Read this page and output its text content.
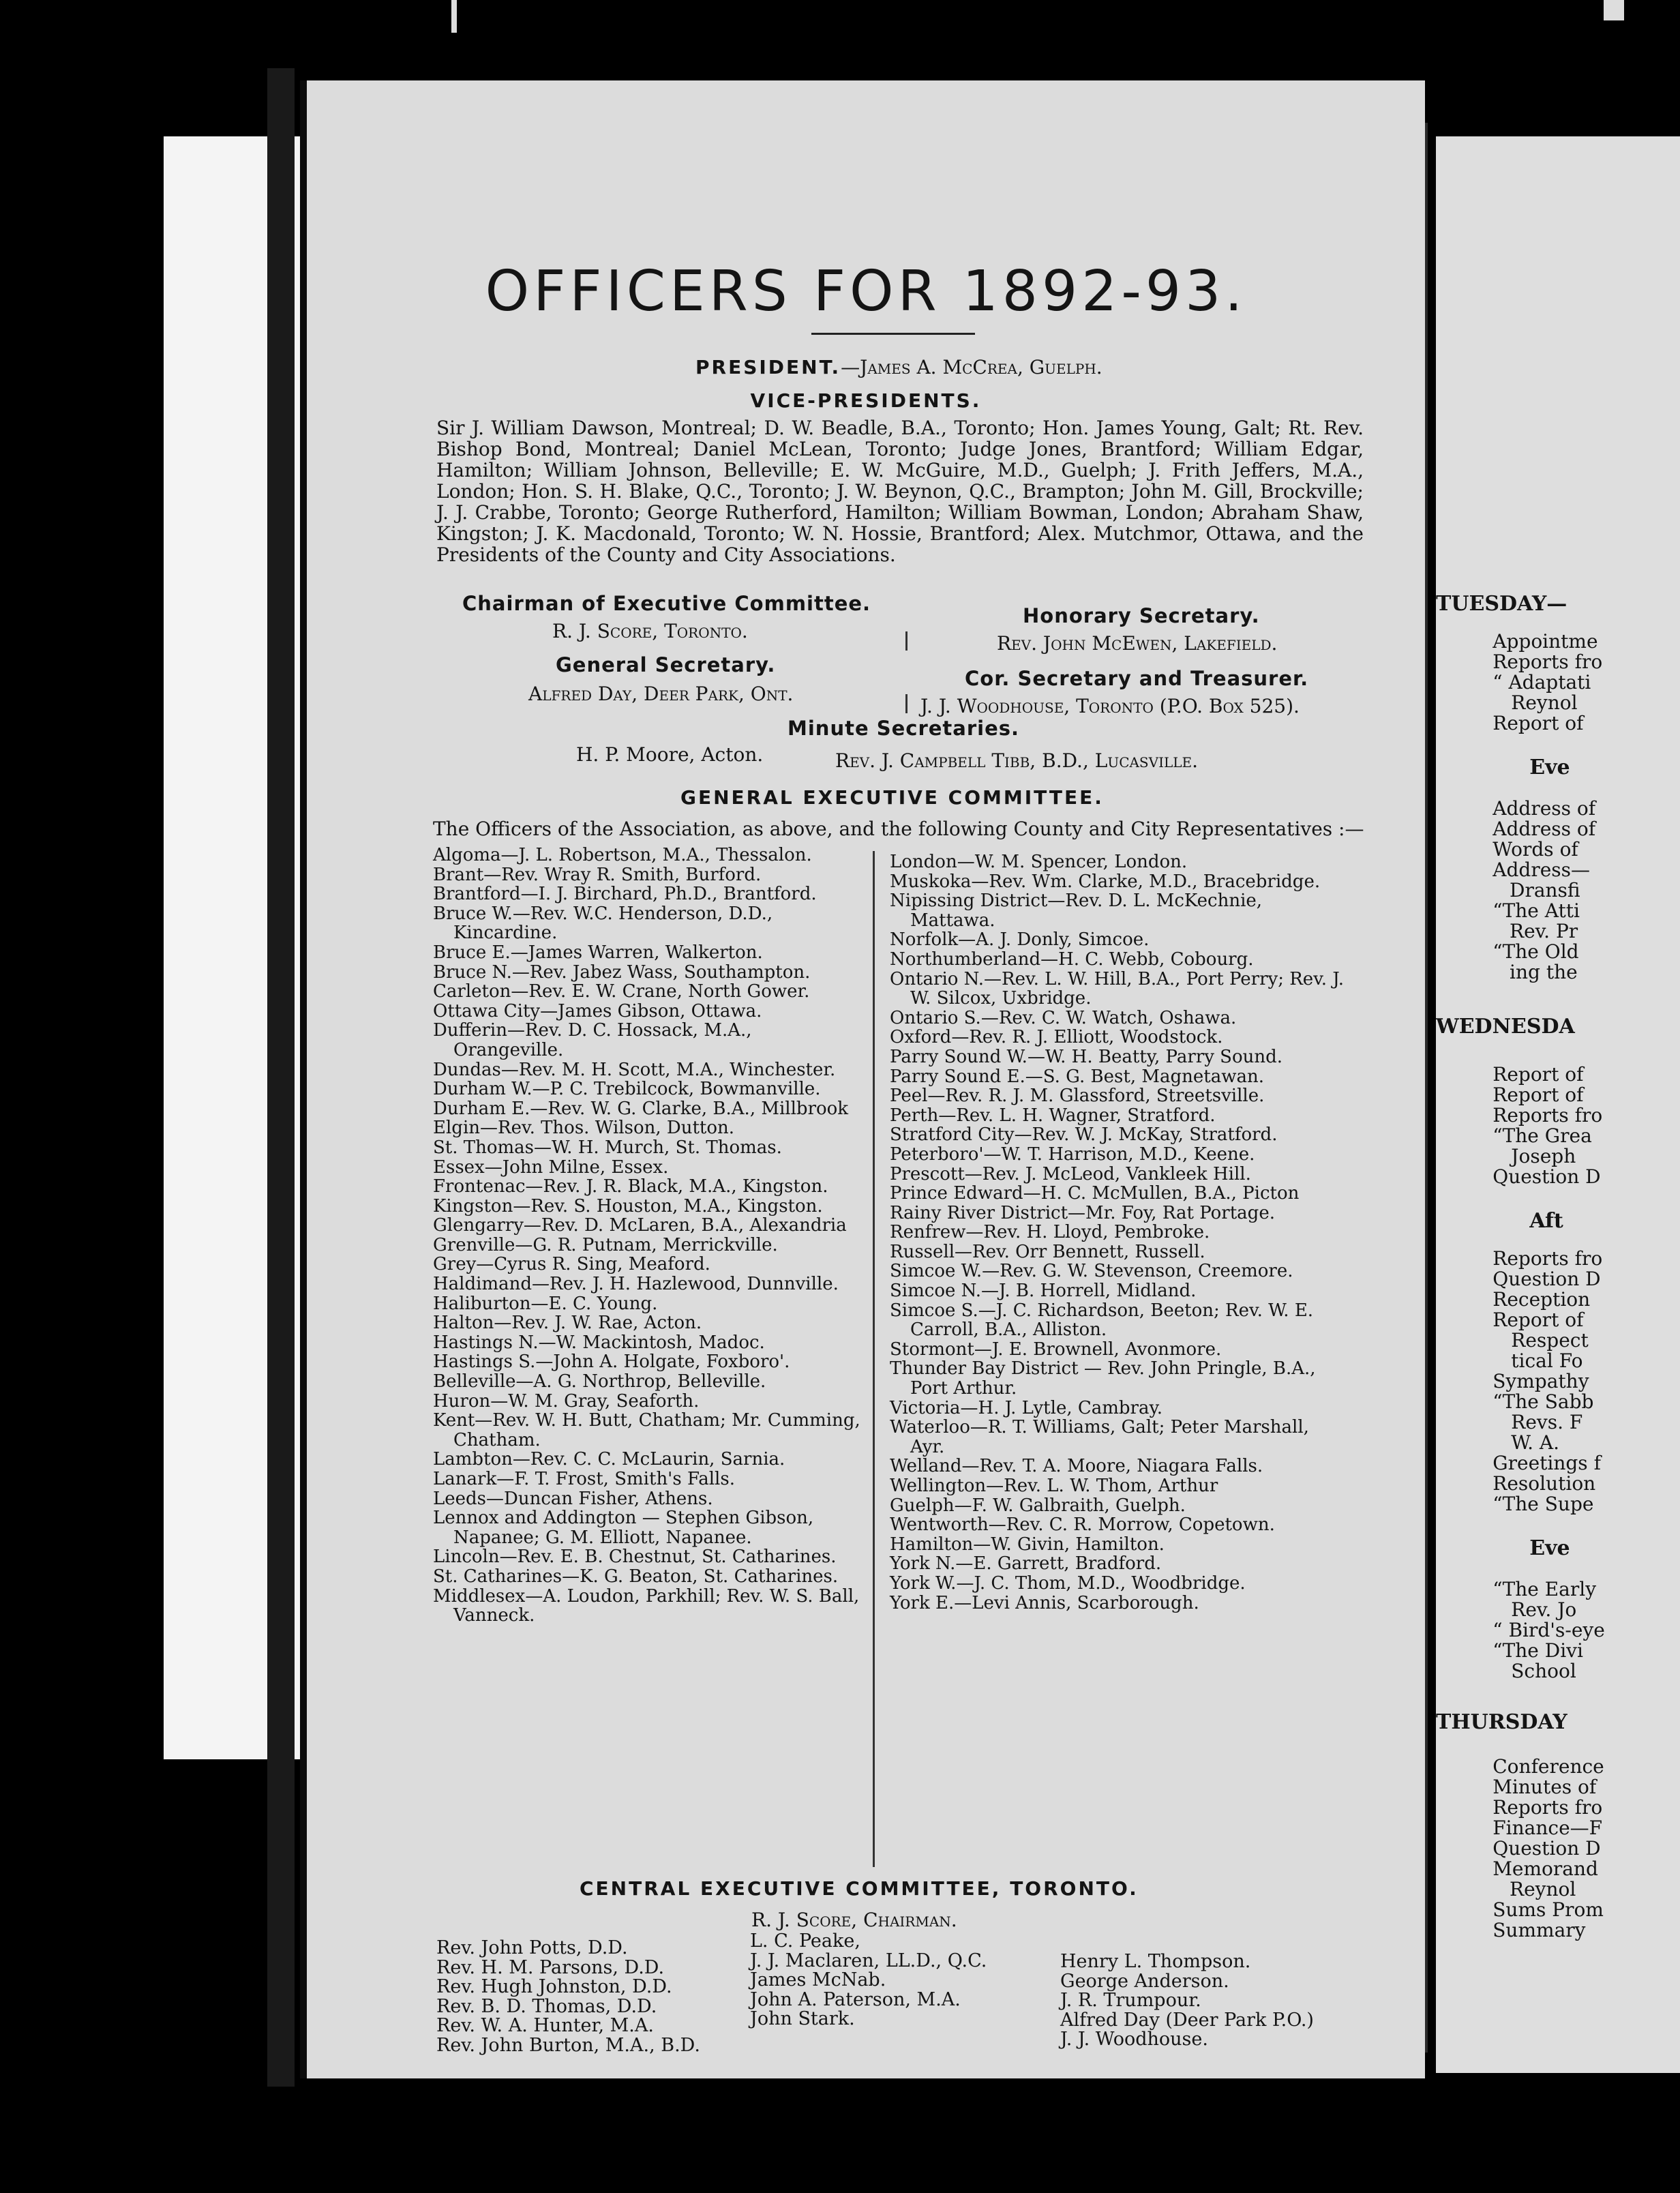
OFFICERS FOR 1892-93.
PRESIDENT.—James A. McCrea, Guelph.
VICE-PRESIDENTS.
Sir J. William Dawson, Montreal; D. W. Beadle, B.A., Toronto; Hon. James Young, Galt; Rt. Rev. Bishop Bond, Montreal; Daniel McLean, Toronto; Judge Jones, Brantford; William Edgar, Hamilton; William Johnson, Belleville; E. W. McGuire, M.D., Guelph; J. Frith Jeffers, M.A., London; Hon. S. H. Blake, Q.C., Toronto; J. W. Beynon, Q.C., Brampton; John M. Gill, Brockville; J. J. Crabbe, Toronto; George Rutherford, Hamilton; William Bowman, London; Abraham Shaw, Kingston; J. K. Macdonald, Toronto; W. N. Hossie, Brantford; Alex. Mutchmor, Ottawa, and the Presidents of the County and City Associations.
Chairman of Executive Committee.
R. J. Score, Toronto.
Honorary Secretary.
Rev. John McEwen, Lakefield.
General Secretary.
Alfred Day, Deer Park, Ont.
Cor. Secretary and Treasurer.
J. J. Woodhouse, Toronto (P.O. Box 525).
Minute Secretaries.
H. P. Moore, Acton.	Rev. J. Campbell Tibb, B.D., Lucasville.
GENERAL EXECUTIVE COMMITTEE.
The Officers of the Association, as above, and the following County and City Representatives :—
Algoma—J. L. Robertson, M.A., Thessalon.
Brant—Rev. Wray R. Smith, Burford.
Brantford—I. J. Birchard, Ph.D., Brantford.
Bruce W.—Rev. W.C. Henderson, D.D., Kincardine.
Bruce E.—James Warren, Walkerton.
Bruce N.—Rev. Jabez Wass, Southampton.
Carleton—Rev. E. W. Crane, North Gower.
Ottawa City—James Gibson, Ottawa.
Dufferin—Rev. D. C. Hossack, M.A., Orangeville.
Dundas—Rev. M. H. Scott, M.A., Winchester.
Durham W.—P. C. Trebilcock, Bowmanville.
Durham E.—Rev. W. G. Clarke, B.A., Millbrook
Elgin—Rev. Thos. Wilson, Dutton.
St. Thomas—W. H. Murch, St. Thomas.
Essex—John Milne, Essex.
Frontenac—Rev. J. R. Black, M.A., Kingston.
Kingston—Rev. S. Houston, M.A., Kingston.
Glengarry—Rev. D. McLaren, B.A., Alexandria
Grenville—G. R. Putnam, Merrickville.
Grey—Cyrus R. Sing, Meaford.
Haldimand—Rev. J. H. Hazlewood, Dunnville.
Haliburton—E. C. Young.
Halton—Rev. J. W. Rae, Acton.
Hastings N.—W. Mackintosh, Madoc.
Hastings S.—John A. Holgate, Foxboro'.
Belleville—A. G. Northrop, Belleville.
Huron—W. M. Gray, Seaforth.
Kent—Rev. W. H. Butt, Chatham; Mr. Cumming, Chatham.
Lambton—Rev. C. C. McLaurin, Sarnia.
Lanark—F. T. Frost, Smith's Falls.
Leeds—Duncan Fisher, Athens.
Lennox and Addington — Stephen Gibson, Napanee; G. M. Elliott, Napanee.
Lincoln—Rev. E. B. Chestnut, St. Catharines.
St. Catharines—K. G. Beaton, St. Catharines.
Middlesex—A. Loudon, Parkhill; Rev. W. S. Ball, Vanneck.
London—W. M. Spencer, London.
Muskoka—Rev. Wm. Clarke, M.D., Bracebridge.
Nipissing District—Rev. D. L. McKechnie, Mattawa.
Norfolk—A. J. Donly, Simcoe.
Northumberland—H. C. Webb, Cobourg.
Ontario N.—Rev. L. W. Hill, B.A., Port Perry; Rev. J. W. Silcox, Uxbridge.
Ontario S.—Rev. C. W. Watch, Oshawa.
Oxford—Rev. R. J. Elliott, Woodstock.
Parry Sound W.—W. H. Beatty, Parry Sound.
Parry Sound E.—S. G. Best, Magnetawan.
Peel—Rev. R. J. M. Glassford, Streetsville.
Perth—Rev. L. H. Wagner, Stratford.
Stratford City—Rev. W. J. McKay, Stratford.
Peterboro'—W. T. Harrison, M.D., Keene.
Prescott—Rev. J. McLeod, Vankleek Hill.
Prince Edward—H. C. McMullen, B.A., Picton
Rainy River District—Mr. Foy, Rat Portage.
Renfrew—Rev. H. Lloyd, Pembroke.
Russell—Rev. Orr Bennett, Russell.
Simcoe W.—Rev. G. W. Stevenson, Creemore.
Simcoe N.—J. B. Horrell, Midland.
Simcoe S.—J. C. Richardson, Beeton; Rev. W. E. Carroll, B.A., Alliston.
Stormont—J. E. Brownell, Avonmore.
Thunder Bay District — Rev. John Pringle, B.A., Port Arthur.
Victoria—H. J. Lytle, Cambray.
Waterloo—R. T. Williams, Galt; Peter Marshall, Ayr.
Welland—Rev. T. A. Moore, Niagara Falls.
Wellington—Rev. L. W. Thom, Arthur
Guelph—F. W. Galbraith, Guelph.
Wentworth—Rev. C. R. Morrow, Copetown.
Hamilton—W. Givin, Hamilton.
York N.—E. Garrett, Bradford.
York W.—J. C. Thom, M.D., Woodbridge.
York E.—Levi Annis, Scarborough.
CENTRAL EXECUTIVE COMMITTEE, TORONTO.
R. J. Score, Chairman.
Rev. John Potts, D.D.
Rev. H. M. Parsons, D.D.
Rev. Hugh Johnston, D.D.
Rev. B. D. Thomas, D.D.
Rev. W. A. Hunter, M.A.
Rev. John Burton, M.A., B.D.
L. C. Peake,
J. J. Maclaren, LL.D., Q.C.
James McNab.
John A. Paterson, M.A.
John Stark.
Henry L. Thompson.
George Anderson.
J. R. Trumpour.
Alfred Day (Deer Park P.O.)
J. J. Woodhouse.
TUESDAY—
Appointme
Reports fro
“ Adaptati
Reynol
Report of
Eve
Address of
Address of
Words of
Address—
Dransfi
“The Atti
Rev. Pr
“The Old
ing the
WEDNESDA
Report of
Report of
Reports fro
“The Grea
Joseph
Question D
Aft
Reports fro
Question D
Reception
Report of
Respect
tical Fo
Sympathy
“The Sabb
Revs. F
W. A.
Greetings f
Resolution
“The Supe
Eve
“The Early
Rev. Jo
“ Bird's-eye
“The Divi
School
THURSDAY
Conference
Minutes of
Reports fro
Finance—F
Question D
Memorand
Reynol
Sums Prom
Summary
